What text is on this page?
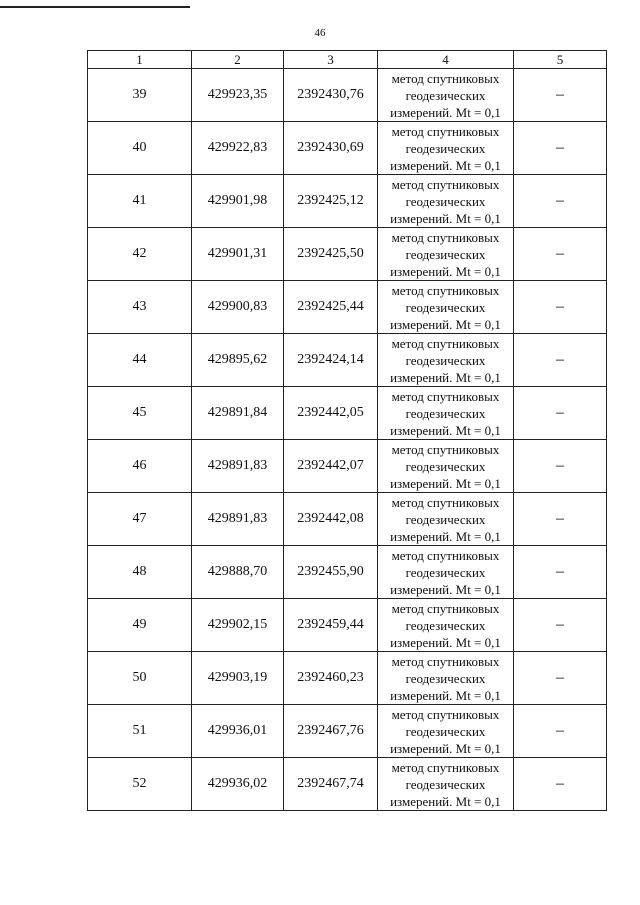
46
1	2	3	4	5
39	429923,35	2392430,76	метод спутниковых
геодезических
измерений. Mt = 0,1	–
40	429922,83	2392430,69	метод спутниковых
геодезических
измерений. Mt = 0,1	–
41	429901,98	2392425,12	метод спутниковых
геодезических
измерений. Mt = 0,1	–
42	429901,31	2392425,50	метод спутниковых
геодезических
измерений. Mt = 0,1	–
43	429900,83	2392425,44	метод спутниковых
геодезических
измерений. Mt = 0,1	–
44	429895,62	2392424,14	метод спутниковых
геодезических
измерений. Mt = 0,1	–
45	429891,84	2392442,05	метод спутниковых
геодезических
измерений. Mt = 0,1	–
46	429891,83	2392442,07	метод спутниковых
геодезических
измерений. Mt = 0,1	–
47	429891,83	2392442,08	метод спутниковых
геодезических
измерений. Mt = 0,1	–
48	429888,70	2392455,90	метод спутниковых
геодезических
измерений. Mt = 0,1	–
49	429902,15	2392459,44	метод спутниковых
геодезических
измерений. Mt = 0,1	–
50	429903,19	2392460,23	метод спутниковых
геодезических
измерений. Mt = 0,1	–
51	429936,01	2392467,76	метод спутниковых
геодезических
измерений. Mt = 0,1	–
52	429936,02	2392467,74	метод спутниковых
геодезических
измерений. Mt = 0,1	–
